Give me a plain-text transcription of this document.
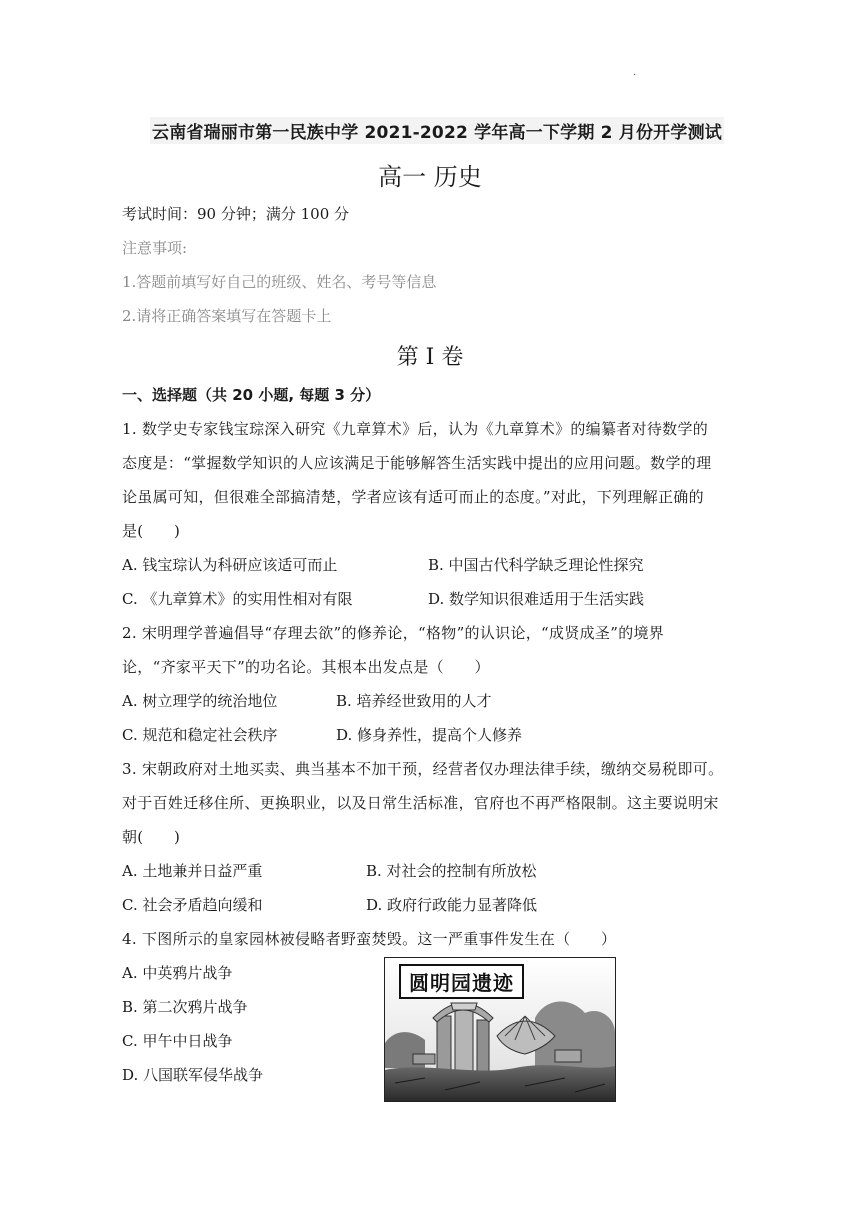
·
云南省瑞丽市第一民族中学 2021-2022 学年高一下学期 2 月份开学测试
高一 历史
考试时间：90 分钟；满分 100 分
注意事项:
1.答题前填写好自己的班级、姓名、考号等信息
2.请将正确答案填写在答题卡上
第 I 卷
一、选择题（共 20 小题, 每题 3 分）
1. 数学史专家钱宝琮深入研究《九章算术》后，认为《九章算术》的编纂者对待数学的
态度是：“掌握数学知识的人应该满足于能够解答生活实践中提出的应用问题。数学的理
论虽属可知，但很难全部搞清楚，学者应该有适可而止的态度。”对此，下列理解正确的
是(　　)
A. 钱宝琮认为科研应该适可而止	B. 中国古代科学缺乏理论性探究
C. 《九章算术》的实用性相对有限	D. 数学知识很难适用于生活实践
2. 宋明理学普遍倡导“存理去欲”的修养论，“格物”的认识论，“成贤成圣”的境界
论，“齐家平天下”的功名论。其根本出发点是（　　）
A. 树立理学的统治地位	B. 培养经世致用的人才
C. 规范和稳定社会秩序	D. 修身养性，提高个人修养
3. 宋朝政府对土地买卖、典当基本不加干预，经营者仅办理法律手续，缴纳交易税即可。
对于百姓迁移住所、更换职业，以及日常生活标准，官府也不再严格限制。这主要说明宋
朝(　　)
A. 土地兼并日益严重	B. 对社会的控制有所放松
C. 社会矛盾趋向缓和	D. 政府行政能力显著降低
4. 下图所示的皇家园林被侵略者野蛮焚毁。这一严重事件发生在（　　）
A. 中英鸦片战争
B. 第二次鸦片战争
C. 甲午中日战争
D. 八国联军侵华战争
圆明园遗迹
